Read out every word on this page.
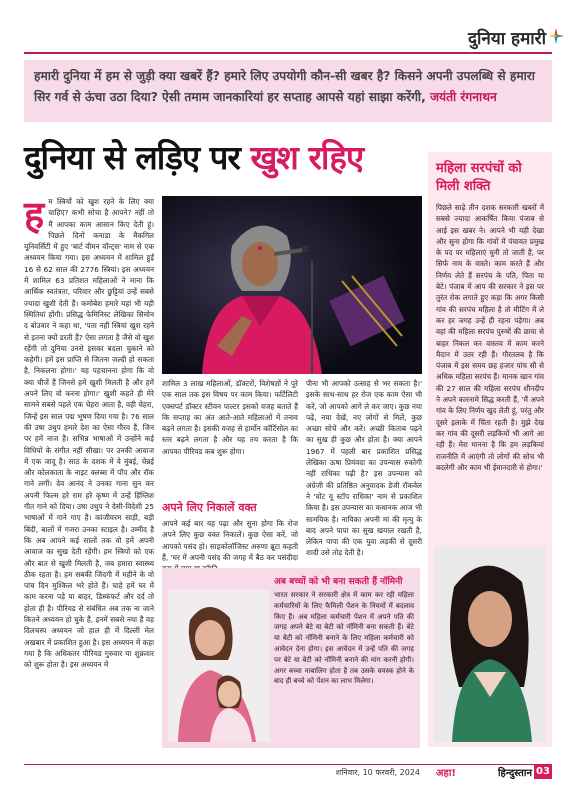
दुनिया हमारी
हमारी दुनिया में हम से जुड़ी क्या खबरें हैं? हमारे लिए उपयोगी कौन-सी खबर है? किसने अपनी उपलब्धि से हमारा सिर गर्व से ऊंचा उठा दिया? ऐसी तमाम जानकारियां हर सप्ताह आपसे यहां साझा करेंगी, जयंती रंगनाथन
दुनिया से लड़िए पर खुश रहिए
ह म स्त्रियों को खुश रहने के लिए क्या चाहिए? कभी सोचा है आपने? नहीं तो मैं आपका काम आसान किए देती हूं। पिछले दिनों कनाडा के मैकगिल यूनिवर्सिटी में हुए 'बार्ट वीमन वॉन्ट्स' नाम से एक अध्ययन किया गया। इस अध्ययन में शामिल हुईं 16 से 62 साल की 2776 स्त्रियां। इस अध्ययन में शामिल 63 प्रतिशत महिलाओं ने माना कि आर्थिक स्वतंत्रता, परिवार और छुट्टियां उन्हें सबसे ज्यादा खुशी देती हैं। कमोबेश हमारे यहां भी यही स्थितियां होंगी। प्रसिद्ध फेमिनिस्ट लेखिका सिमोन द बोउवार ने कहा था, 'पता नहीं स्त्रियां खुश रहने से इतना क्यों डरती हैं? ऐसा लगता है जैसे वो खुश रहेंगी तो दुनिया उनसे इसका बदला चुकाने को कहेगी। हमें इस प्राप्ति से जितना जल्दी हो सकता है, निकलना होगा।' यह पहचानना होगा कि वो क्या चीजें हैं जिनसे हमें खुशी मिलती है और हमें अपने लिए वो करना होगा।' खुशी कहते ही मेरे सामने सबसे पहले एक चेहरा आता है, वही चेहरा, जिन्हें इस साल पद्म भूषण दिया गया है। 76 साल की उषा उथुप हमारे देश का ऐसा गौरव हैं, जिन पर हमें नाज है। सभिन्न भाषाओं में उन्होंने कई विधियों के संगीत नहीं सीखा। पर उनकी आवाज में एक जादू है। साठ के दशक में वे मुंबई, चेन्नई और कोलकाता के नाइट क्लब्स में पॉप और रॉक गाने लगीं। देव आनंद ने उनका गाना सुन कर अपनी फिल्म हरे राम हरे कृष्ण में उन्हें हिंग्लिश गीत गाने को दिया। उषा उथुप ने देसी-विदेशी 25 भाषाओं में गाने गाए हैं। कांजीवरम साड़ी, बड़ी बिंदी, बालों में गजरा उनका स्टाइल है। उम्मीद है कि अब आपने कई सालों तक वो हमें अपनी आवाज का सुख देती रहेंगी। हम स्त्रियों को एक और बात से खुशी मिलती है, जब हमारा स्वास्थ्य ठीक रहता है। हम सबकी जिंदगी में महीने के वो पांच दिन मुश्किल भरे होते हैं। चाहे हमें घर में काम करना पड़े या बाहर, डिस्कंफर्ट और दर्द तो होता ही है। पीरियड से संबंधित अब तक ना जाने कितने अध्ययन हो चुके हैं, इनमें सबसे नया है वह दिलचस्प अध्ययन जो हाल ही में दिल्ली मेल अखबार में प्रकाशित हुआ है। इस अध्ययन में कहा गया है कि अधिकतर पीरियड गुरुवार या शुक्रवार को शुरू होता है। इस अध्ययन में
शामिल 3 लाख महिलाओं, डॉक्टरों, विशेषज्ञों ने पूरे एक साल तक इस विषय पर काम किया। फर्टिलिटी एक्सपर्ट डॉक्टर स्टीवन पाल्टर इसको वजह बताते हैं कि सप्ताह का अंत आते-आते महिलाओं में तनाव बढ़ने लगता है। इसकी वजह से हार्मोन कॉर्टिसोल का स्तर बढ़ने लगता है और यह तय करता है कि आपका पीरियड कब शुरू होगा।
अपने लिए निकालें वक्त
आपने कई बार यह पढ़ा और सुना होगा कि रोज अपने लिए कुछ वक्त निकालें। कुछ ऐसा करें, जो आपको पसंद हो। साइकोलॉजिस्ट अरुणा ब्रूटा कहती हैं, 'घर में अपनी पसंद की जगह में बैठ कर पसंदीदा
पीना भी आपको उत्साह से भर सकता है।' इसके साथ-साथ हर रोज एक काम ऐसा भी करें, जो आपको आगे ले कर जाए। कुछ नया पढ़ें, नया देखें, नए लोगों से मिलें, कुछ अच्छा सोचें और करें। अच्छी किताब पढ़ने का सुख ही कुछ और होता है। क्या आपने 1967 में पहली बार प्रकाशित प्रसिद्ध लेखिका ऊषा प्रियंवदा का उपन्यास रुकोगी नहीं राधिका पढ़ी है? इस उपन्यास को अंग्रेजी की प्रतिष्ठित अनुवादक डेजी रॉकवेल ने 'वोंट यू स्टॉप राधिका' नाम से प्रकाशित किया है। इस उपन्यास का कथानक आज भी सामयिक है। नायिका अपनी मां की मृत्यु के बाद अपने पापा का सुख खयाल रखती है, लेकिन पापा की एक युवा लड़की से दूसरी शादी उसे तोड़ देती है।
अब बच्चों को भी बना सकती हैं नॉमिनी
भारत सरकार ने सरकारी क्षेत्र में काम कर रही महिला कर्मचारियों के लिए फैमिली पेंशन के नियमों में बदलाव किए हैं। अब महिला कर्मचारी पेंशन में अपने पति की जगह अपने बेटे या बेटी को नॉमिनी बना सकती हैं। बेटे या बेटी को नॉमिनी बनाने के लिए महिला कर्मचारी को आवेदन देना होगा। इस आवेदन में उन्हें पति की जगह पर बेटे या बेटी को नॉमिनी बनाने की मांग करनी होगी। अगर बच्चा नाबालिग होता है तब उसके वयस्क होने के बाद ही बच्चे को पेंशन का लाभ मिलेगा।
महिला सरपंचों को मिली शक्ति
पिछले साढ़े तीन दशक सरकारी खबरों में सबसे ज्यादा आकर्षित किया पंजाब से आई इस खबर ने। आपने भी यही देखा और सुना होगा कि गांवों में पंचायत प्रमुख के पद पर महिलाएं चुनी तो जाती हैं, पर सिर्फ नाम के वास्ते। काम करते हैं और निर्णय लेते हैं सरपंच के पति, पिता या बेटे। पंजाब में आप की सरकार ने इस पर तुरंत रोक लगाते हुए कहा कि अगर किसी गांव की सरपंच महिला है तो मीटिंग में ले कर हर जगह उन्हें ही रहना पड़ेगा। अब वहां की महिला सरपंच पुरुषों की छाया से बाहर निकल कर वास्तव में काम करने मैदान में उतर रही हैं। गौरतलब है कि पंजाब में इस समय छह हजार पांच सौ से अधिक महिला सरपंच हैं। मानक खान गांव की 27 साल की महिला सरपंच शीनदीप ने अपने कारनामे सिद्ध करती हैं, 'मैं अपने गांव के लिए निर्णय खुद लेती हूं, परंतु और दूसरे इलाके में चिंता रहती है। मुझे देख कर गांव की दूसरी लड़कियों भी आगे आ रही हैं। मेरा मानना है कि हम लड़कियां राजनीति में आएंगी तो लोगों की सोच भी बदलेगी और काम भी ईमानदारी से होगा।'
शनिवार, 10 फरवरी, 2024 अहा!	हिन्दुस्तान 03
